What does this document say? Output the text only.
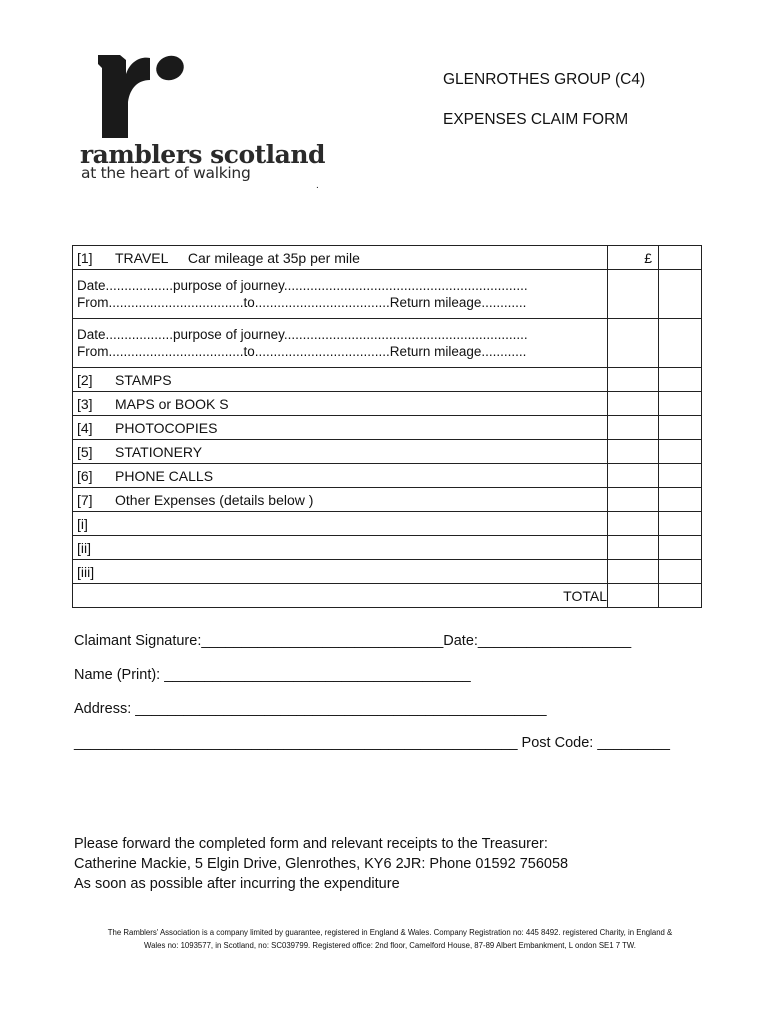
ramblers scotland
at the heart of walking
.
GLENROTHES GROUP (C4)
EXPENSES CLAIM FORM
[1] TRAVEL Car mileage at 35p per mile	£	

Date..................purpose of journey.................................................................
From....................................to....................................Return mileage............		

Date..................purpose of journey.................................................................
From....................................to....................................Return mileage............		

[2] STAMPS		
[3] MAPS or BOOK S		
[4] PHOTOCOPIES		
[5] STATIONERY		
[6] PHONE CALLS		
[7] Other Expenses (details below )		
[i]		
[ii]		
[iii]		
TOTAL		
Claimant Signature:______________________________Date:___________________
Name (Print): ______________________________________
Address: ___________________________________________________
_______________________________________________________ Post Code: _________
Please forward the completed form and relevant receipts to the Treasurer:
Catherine Mackie, 5 Elgin Drive, Glenrothes, KY6 2JR: Phone 01592 756058
As soon as possible after incurring the expenditure
The Ramblers' Association is a company limited by guarantee, registered in England & Wales. Company Registration no: 445 8492. registered Charity, in England &
Wales no: 1093577, in Scotland, no: SC039799. Registered office: 2nd floor, Camelford House, 87-89 Albert Embankment, L ondon SE1 7 TW.
